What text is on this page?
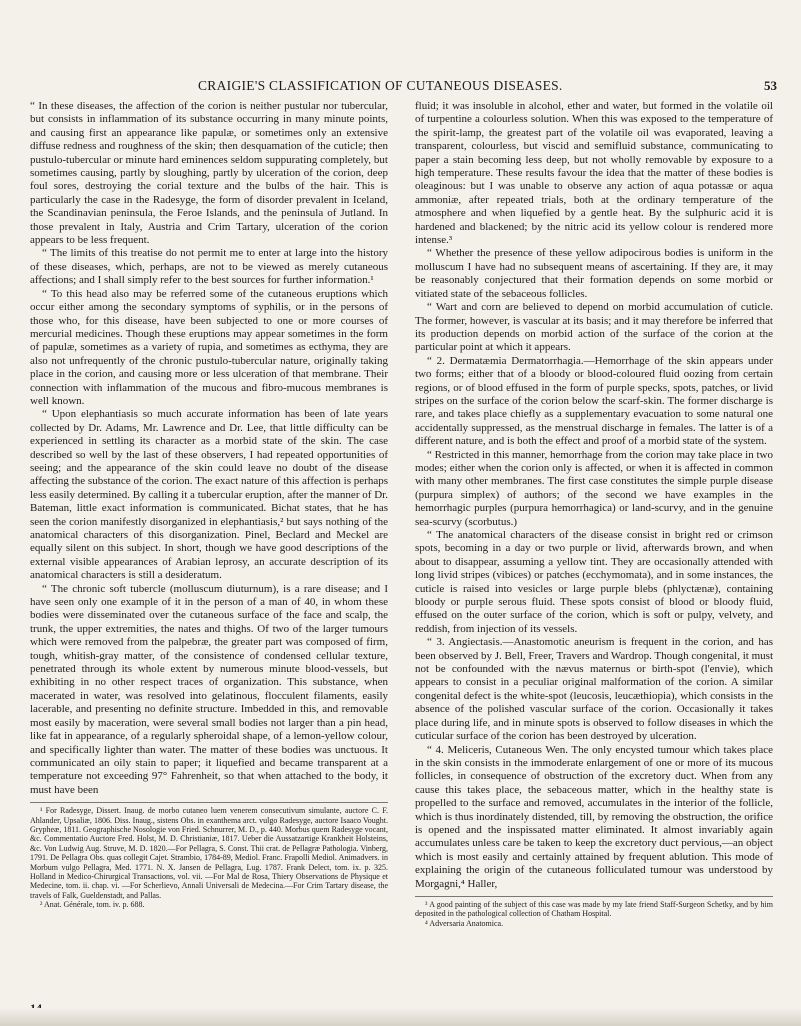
CRAIGIE'S CLASSIFICATION OF CUTANEOUS DISEASES.	53

“ In these diseases, the affection of the corion is neither pustular nor tubercular, but consists in inflammation of its substance occurring in many minute points, and causing first an appearance like papulæ, or sometimes only an extensive diffuse redness and roughness of the skin; then desquamation of the cuticle; then pustulo-tubercular or minute hard eminences seldom suppurating completely, but sometimes causing, partly by sloughing, partly by ulceration of the corion, deep foul sores, destroying the corial texture and the bulbs of the hair. This is particularly the case in the Radesyge, the form of disorder prevalent in Iceland, the Scandinavian peninsula, the Feroe Islands, and the peninsula of Jutland. In those prevalent in Italy, Austria and Crim Tartary, ulceration of the corion appears to be less frequent.

“ The limits of this treatise do not permit me to enter at large into the history of these diseases, which, perhaps, are not to be viewed as merely cutaneous affections; and I shall simply refer to the best sources for further information.¹

“ To this head also may be referred some of the cutaneous eruptions which occur either among the secondary symptoms of syphilis, or in the persons of those who, for this disease, have been subjected to one or more courses of mercurial medicines. Though these eruptions may appear sometimes in the form of papulæ, sometimes as a variety of rupia, and sometimes as ecthyma, they are also not unfrequently of the chronic pustulo-tubercular nature, originally taking place in the corion, and causing more or less ulceration of that membrane. Their connection with inflammation of the mucous and fibro-mucous membranes is well known.

“ Upon elephantiasis so much accurate information has been of late years collected by Dr. Adams, Mr. Lawrence and Dr. Lee, that little difficulty can be experienced in settling its character as a morbid state of the skin. The case described so well by the last of these observers, I had repeated opportunities of seeing; and the appearance of the skin could leave no doubt of the disease affecting the substance of the corion. The exact nature of this affection is perhaps less easily determined. By calling it a tubercular eruption, after the manner of Dr. Bateman, little exact information is communicated. Bichat states, that he has seen the corion manifestly disorganized in elephantiasis,² but says nothing of the anatomical characters of this disorganization. Pinel, Beclard and Meckel are equally silent on this subject. In short, though we have good descriptions of the external visible appearances of Arabian leprosy, an accurate description of its anatomical characters is still a desideratum.

“ The chronic soft tubercle (molluscum diuturnum), is a rare disease; and I have seen only one example of it in the person of a man of 40, in whom these bodies were disseminated over the cutaneous surface of the face and scalp, the trunk, the upper extremities, the nates and thighs. Of two of the larger tumours which were removed from the palpebræ, the greater part was composed of firm, tough, whitish-gray matter, of the consistence of condensed cellular texture, penetrated through its whole extent by numerous minute blood-vessels, but exhibiting in no other respect traces of organization. This substance, when macerated in water, was resolved into gelatinous, flocculent filaments, easily lacerable, and presenting no definite structure. Imbedded in this, and removable most easily by maceration, were several small bodies not larger than a pin head, like fat in appearance, of a regularly spheroidal shape, of a lemon-yellow colour, and specifically lighter than water. The matter of these bodies was unctuous. It communicated an oily stain to paper; it liquefied and became transparent at a temperature not exceeding 97° Fahrenheit, so that when attached to the body, it must have been

¹ For Radesyge, Dissert. Inaug. de morbo cutaneo luem venerem consecutivum simulante, auctore C. F. Ahlander, Upsaliæ, 1806. Diss. Inaug., sistens Obs. in exanthema arct. vulgo Radesyge, auctore Isaaco Vought. Grypheæ, 1811. Geographische Nosologie von Fried. Schnurrer, M. D., p. 440. Morbus quem Radesyge vocant, &c. Commentatio Auctore Fred. Holst, M. D. Christianiæ, 1817. Ueber die Aussatzartige Krankheit Holsteins, &c. Von Ludwig Aug. Struve, M. D. 1820.—For Pellagra, S. Const. Thii crat. de Pellagræ Pathologia. Vinberg, 1791. De Pellagra Obs. quas collegit Cajet. Strambio, 1784-89, Mediol. Franc. Frapolli Mediol. Animadvers. in Morbum vulgo Pellagra, Med. 1771. N. X. Jansen de Pellagra, Lug. 1787. Frank Delect, tom. ix. p. 325. Holland in Medico-Chirurgical Transactions, vol. vii. —For Mal de Rosa, Thiery Observations de Physique et Medecine, tom. ii. chap. vi. —For Scherlievo, Annali Universali de Medecina.—For Crim Tartary disease, the travels of Falk, Gueldenstadt, and Pallas.

² Anat. Générale, tom. iv. p. 688.

fluid; it was insoluble in alcohol, ether and water, but formed in the volatile oil of turpentine a colourless solution. When this was exposed to the temperature of the spirit-lamp, the greatest part of the volatile oil was evaporated, leaving a transparent, colourless, but viscid and semifluid substance, communicating to paper a stain becoming less deep, but not wholly removable by exposure to a high temperature. These results favour the idea that the matter of these bodies is oleaginous: but I was unable to observe any action of aqua potassæ or aqua ammoniæ, after repeated trials, both at the ordinary temperature of the atmosphere and when liquefied by a gentle heat. By the sulphuric acid it is hardened and blackened; by the nitric acid its yellow colour is rendered more intense.³

“ Whether the presence of these yellow adipocirous bodies is uniform in the molluscum I have had no subsequent means of ascertaining. If they are, it may be reasonably conjectured that their formation depends on some morbid or vitiated state of the sebaceous follicles.

“ Wart and corn are believed to depend on morbid accumulation of cuticle. The former, however, is vascular at its basis; and it may therefore be inferred that its production depends on morbid action of the surface of the corion at the particular point at which it appears.

“ 2. Dermatæmia Dermatorrhagia.—Hemorrhage of the skin appears under two forms; either that of a bloody or blood-coloured fluid oozing from certain regions, or of blood effused in the form of purple specks, spots, patches, or livid stripes on the surface of the corion below the scarf-skin. The former discharge is rare, and takes place chiefly as a supplementary evacuation to some natural one accidentally suppressed, as the menstrual discharge in females. The latter is of a different nature, and is both the effect and proof of a morbid state of the system.

“ Restricted in this manner, hemorrhage from the corion may take place in two modes; either when the corion only is affected, or when it is affected in common with many other membranes. The first case constitutes the simple purple disease (purpura simplex) of authors; of the second we have examples in the hemorrhagic purples (purpura hemorrhagica) or land-scurvy, and in the genuine sea-scurvy (scorbutus.)

“ The anatomical characters of the disease consist in bright red or crimson spots, becoming in a day or two purple or livid, afterwards brown, and when about to disappear, assuming a yellow tint. They are occasionally attended with long livid stripes (vibices) or patches (ecchymomata), and in some instances, the cuticle is raised into vesicles or large purple blebs (phlyctænæ), containing bloody or purple serous fluid. These spots consist of blood or bloody fluid, effused on the outer surface of the corion, which is soft or pulpy, velvety, and reddish, from injection of its vessels.

“ 3. Angiectasis.—Anastomotic aneurism is frequent in the corion, and has been observed by J. Bell, Freer, Travers and Wardrop. Though congenital, it must not be confounded with the nævus maternus or birth-spot (l'envie), which appears to consist in a peculiar original malformation of the corion. A similar congenital defect is the white-spot (leucosis, leucæthiopia), which consists in the absence of the polished vascular surface of the corion. Occasionally it takes place during life, and in minute spots is observed to follow diseases in which the cuticular surface of the corion has been destroyed by ulceration.

“ 4. Meliceris, Cutaneous Wen. The only encysted tumour which takes place in the skin consists in the immoderate enlargement of one or more of its mucous follicles, in consequence of obstruction of the excretory duct. When from any cause this takes place, the sebaceous matter, which in the healthy state is propelled to the surface and removed, accumulates in the interior of the follicle, which is thus inordinately distended, till, by removing the obstruction, the orifice is opened and the inspissated matter eliminated. It almost invariably again accumulates unless care be taken to keep the excretory duct pervious,—an object which is most easily and certainly attained by frequent ablution. This mode of explaining the origin of the cutaneous folliculated tumour was understood by Morgagni,⁴ Haller,

³ A good painting of the subject of this case was made by my late friend Staff-Surgeon Schetky, and by him deposited in the pathological collection of Chatham Hospital.

⁴ Adversaria Anatomica.
